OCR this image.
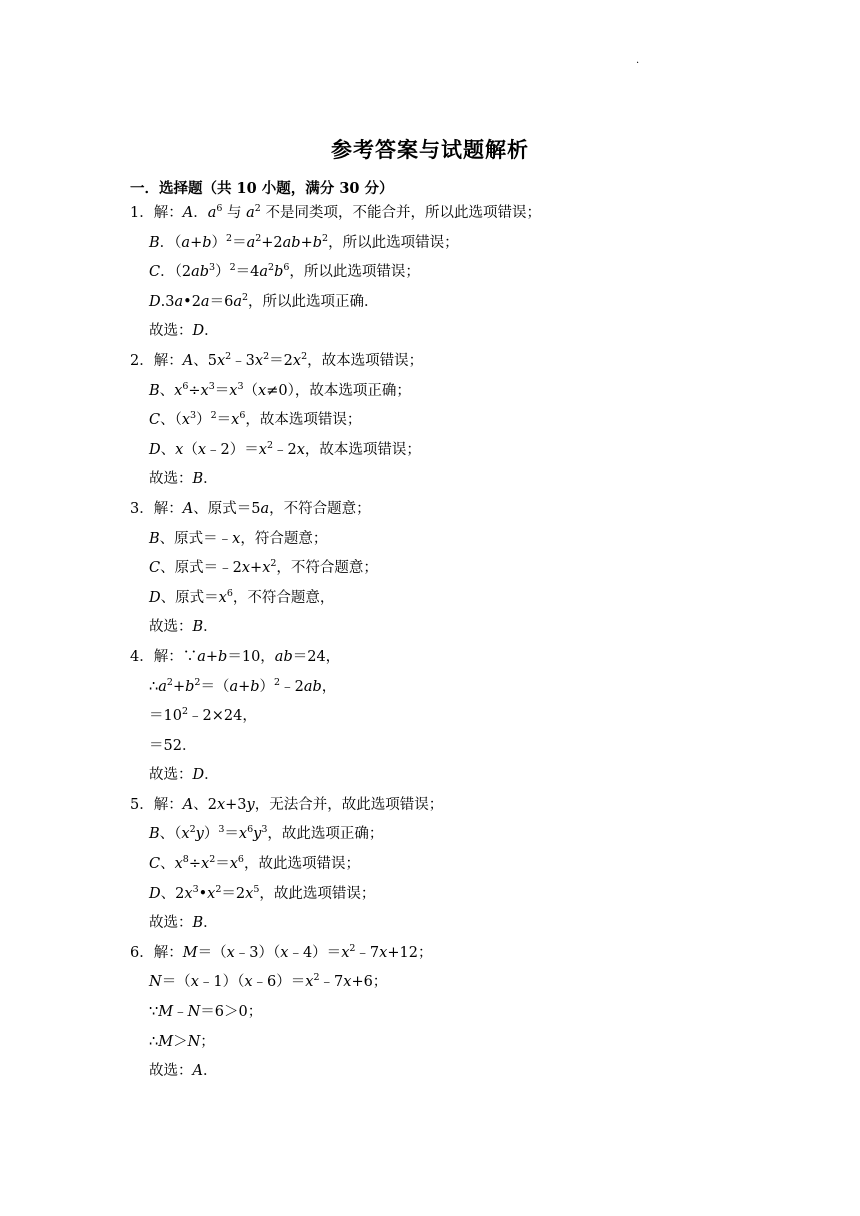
.
参考答案与试题解析
一．选择题（共 10 小题，满分 30 分）
1．解：A．$a^6$ 与 $a^2$ 不是同类项，不能合并，所以此选项错误；
B．$(a+b)^2=a^2+2ab+b^2$，所以此选项错误；
C．$(2ab^3)^2=4a^2b^6$，所以此选项错误；
$D.3a•2a=6a^2$，所以此选项正确．
故选：D．
2．解：A、$5x^2﹣3x^2=2x^2$，故本选项错误；
B、$x^6\div x^3=x^3(x\ne 0)$，故本选项正确；
C、$(x^3)^2=x^6$，故本选项错误；
D、$x(x﹣2)=x^2﹣2x$，故本选项错误；
故选：B．
3．解：A、原式＝5a，不符合题意；
B、原式＝﹣x，符合题意；
C、原式$=﹣2x+x^2$，不符合题意；
D、原式$=x^6$，不符合题意，
故选：B．
4．解：∵a+b＝10，ab＝24，
$\therefore a^2+b^2=(a+b)^2﹣2ab$，
$=10^2﹣2\times 24$，
＝52．
故选：D．
5．解：A、2x+3y，无法合并，故此选项错误；
B、$(x^2y)^3=x^6y^3$，故此选项正确；
C、$x^8\div x^2=x^6$，故此选项错误；
D、$2x^3•x^2=2x^5$，故此选项错误；
故选：B．
6．解：$M=(x﹣3)(x﹣4)=x^2﹣7x+12$；
$N=(x﹣1)(x﹣6)=x^2﹣7x+6$；
∵M﹣N＝6＞0；
∴M＞N；
故选：A．
